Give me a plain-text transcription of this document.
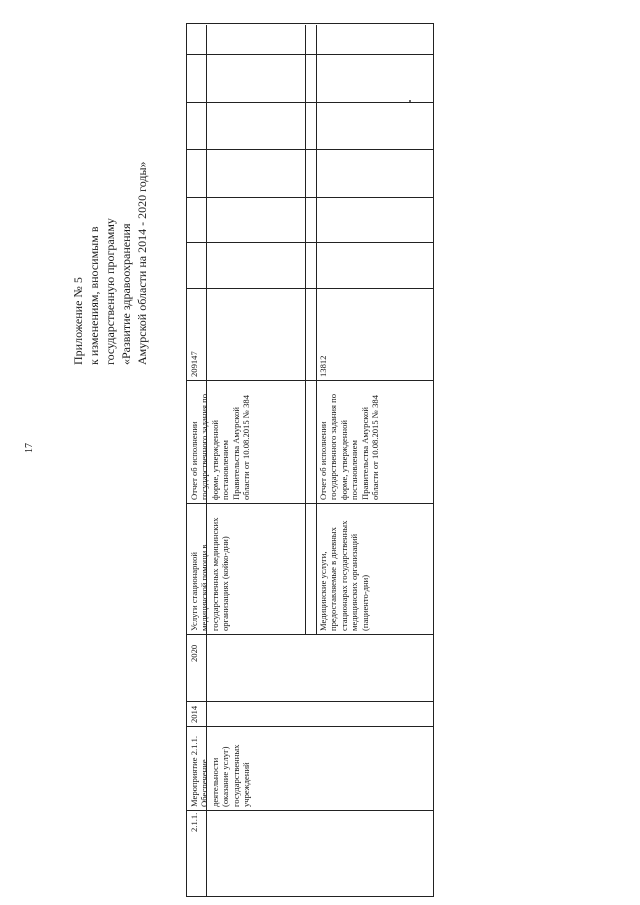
17
Приложение № 5 к изменениям, вносимым в государственную программу «Развитие здравоохранения Амурской области на 2014 - 2020 годы»
2.1.1.
Мероприятие 2.1.1. Обеспечение деятельности (оказание услуг) государственных учреждений
2014
2020
Услуги стационарной медицинской помощи в государственных медицинских организациях (койко-дни)
Отчет об исполнении государственного задания по форме, утвержденной постановлением Правительства Амурской области от 10.08.2015 № 384
209147
Медицинские услуги, предоставляемые в дневных стационарах государственных медицинских организаций (пациенто-дни)
Отчет об исполнении государственного задания по форме, утвержденной постановлением Правительства Амурской области от 10.08.2015 № 384
13812
